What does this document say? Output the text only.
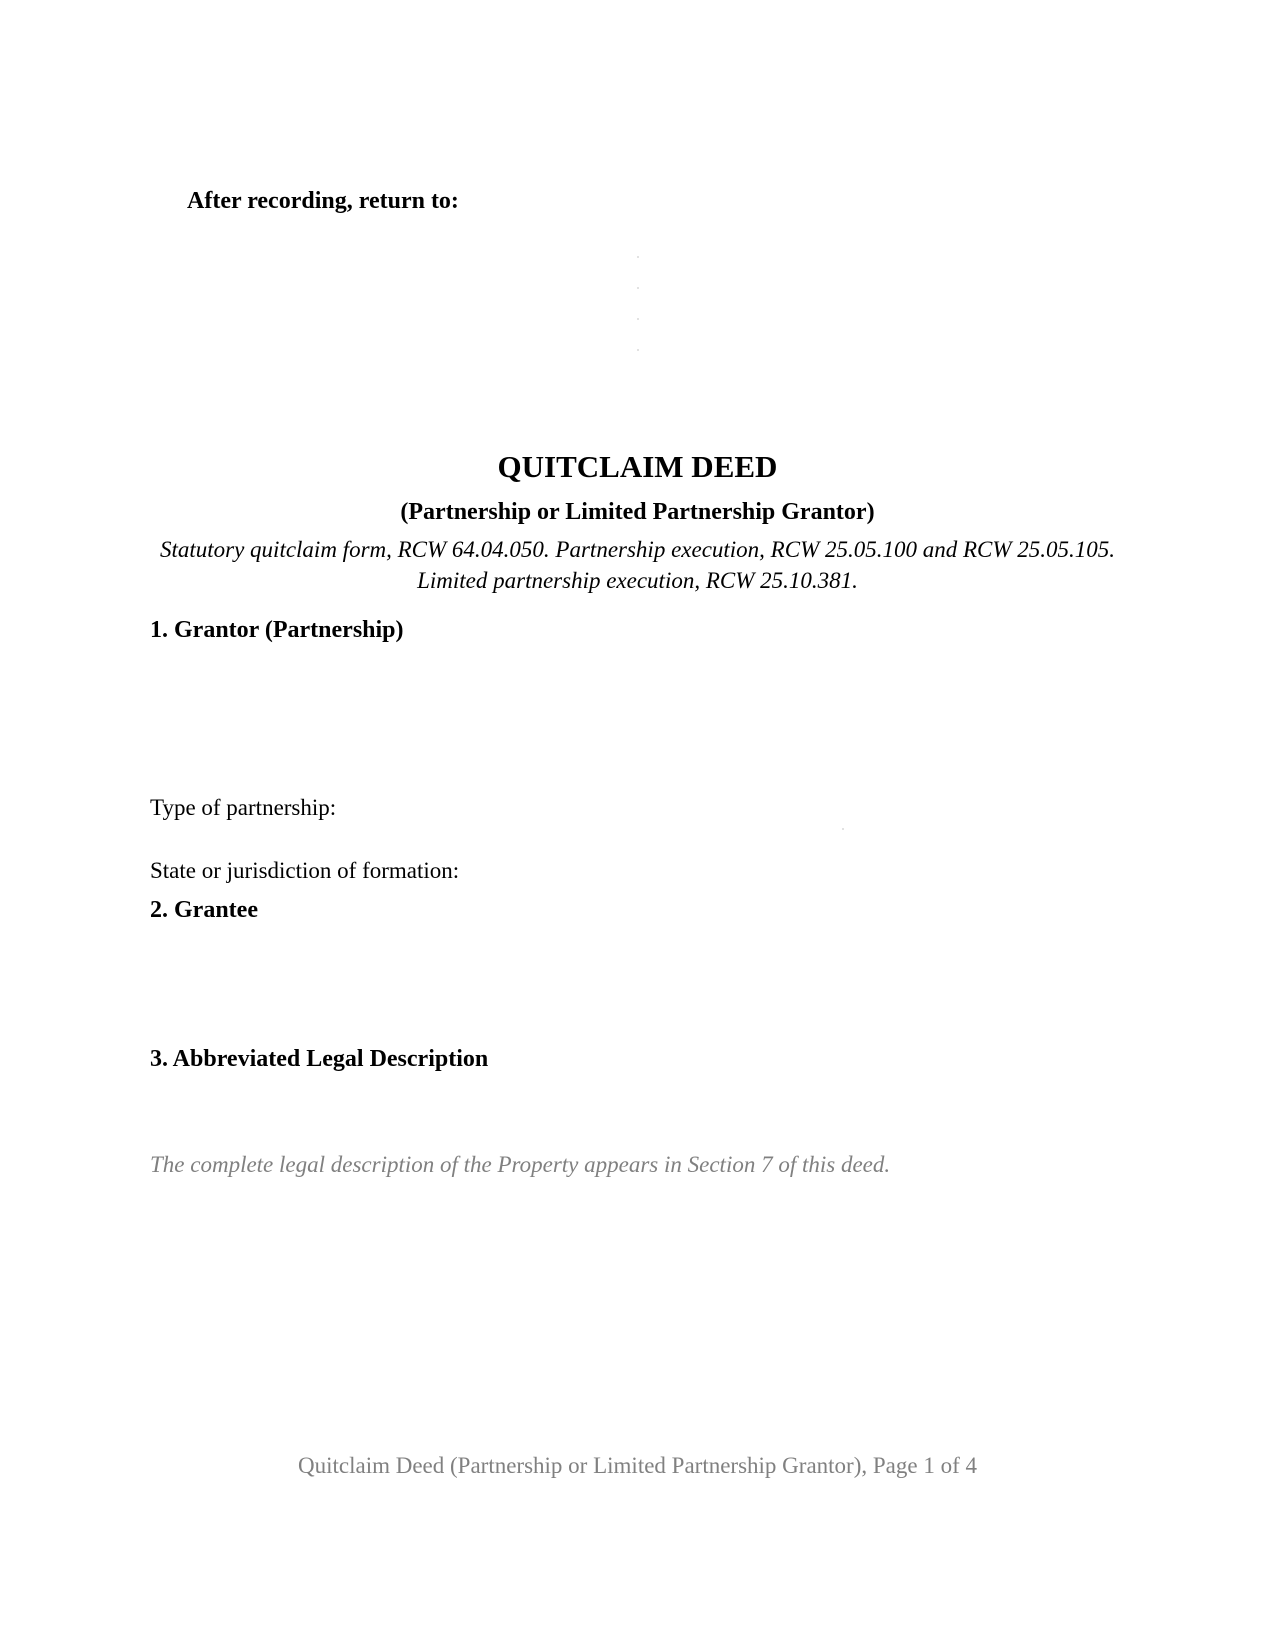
After recording, return to:

QUITCLAIM DEED
(Partnership or Limited Partnership Grantor)

Statutory quitclaim form, RCW 64.04.050. Partnership execution, RCW 25.05.100 and RCW 25.05.105. Limited partnership execution, RCW 25.10.381.

1. Grantor (Partnership)

Type of partnership:

State or jurisdiction of formation:

2. Grantee
3. Abbreviated Legal Description

The complete legal description of the Property appears in Section 7 of this deed.

Quitclaim Deed (Partnership or Limited Partnership Grantor), Page 1 of 4
